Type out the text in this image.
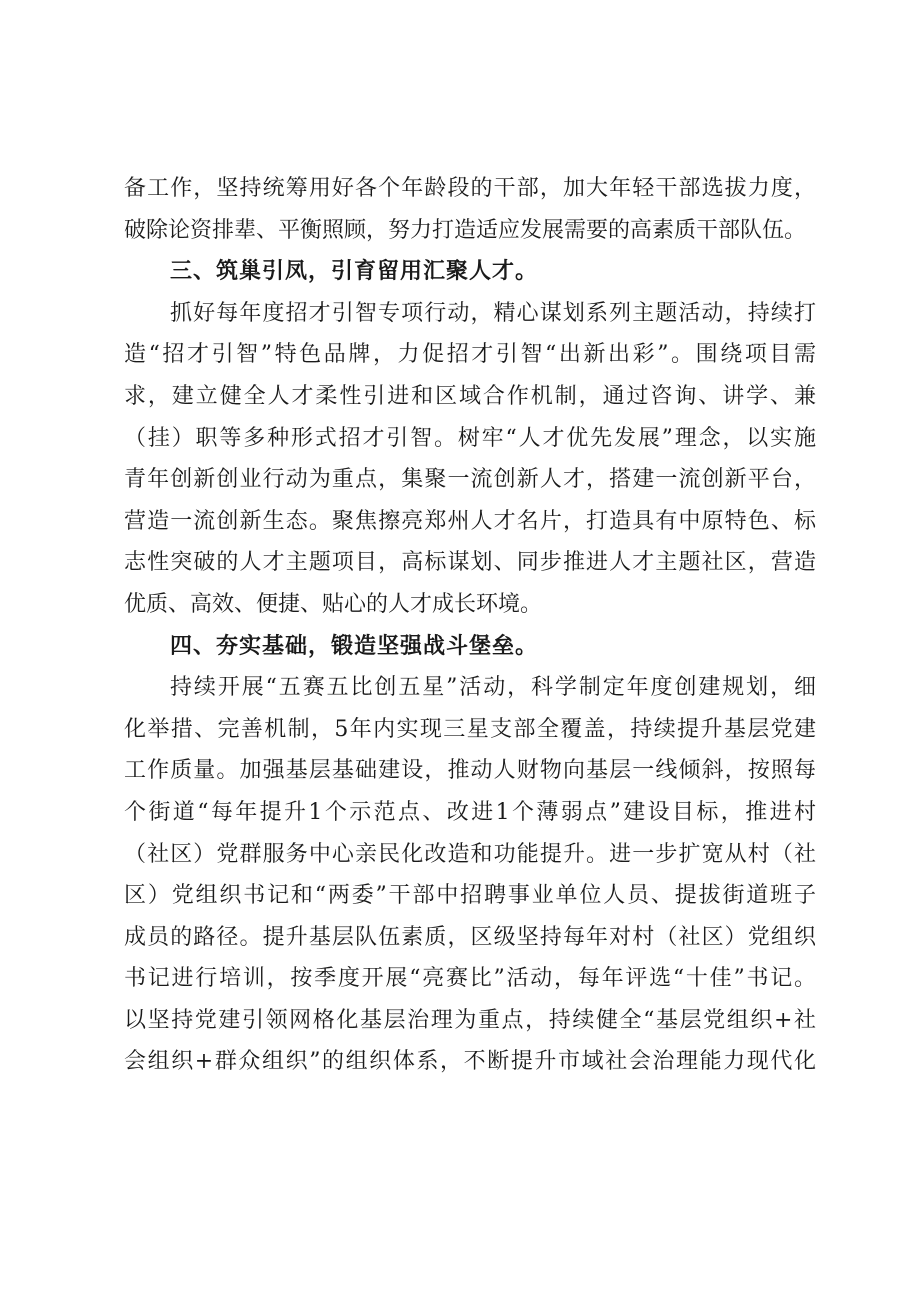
备工作，坚持统筹用好各个年龄段的干部，加大年轻干部选拔力度，
破除论资排辈、平衡照顾，努力打造适应发展需要的高素质干部队伍。
三、筑巢引凤，引育留用汇聚人才。
抓好每年度招才引智专项行动，精心谋划系列主题活动，持续打
造“招才引智”特色品牌，力促招才引智“出新出彩”。围绕项目需
求，建立健全人才柔性引进和区域合作机制，通过咨询、讲学、兼
（挂）职等多种形式招才引智。树牢“人才优先发展”理念，以实施
青年创新创业行动为重点，集聚一流创新人才，搭建一流创新平台，
营造一流创新生态。聚焦擦亮郑州人才名片，打造具有中原特色、标
志性突破的人才主题项目，高标谋划、同步推进人才主题社区，营造
优质、高效、便捷、贴心的人才成长环境。
四、夯实基础，锻造坚强战斗堡垒。
持续开展“五赛五比创五星”活动，科学制定年度创建规划，细
化举措、完善机制，5年内实现三星支部全覆盖，持续提升基层党建
工作质量。加强基层基础建设，推动人财物向基层一线倾斜，按照每
个街道“每年提升1个示范点、改进1个薄弱点”建设目标，推进村
（社区）党群服务中心亲民化改造和功能提升。进一步扩宽从村（社
区）党组织书记和“两委”干部中招聘事业单位人员、提拔街道班子
成员的路径。提升基层队伍素质，区级坚持每年对村（社区）党组织
书记进行培训，按季度开展“亮赛比”活动，每年评选“十佳”书记。
以坚持党建引领网格化基层治理为重点，持续健全“基层党组织+社
会组织+群众组织”的组织体系，不断提升市域社会治理能力现代化
